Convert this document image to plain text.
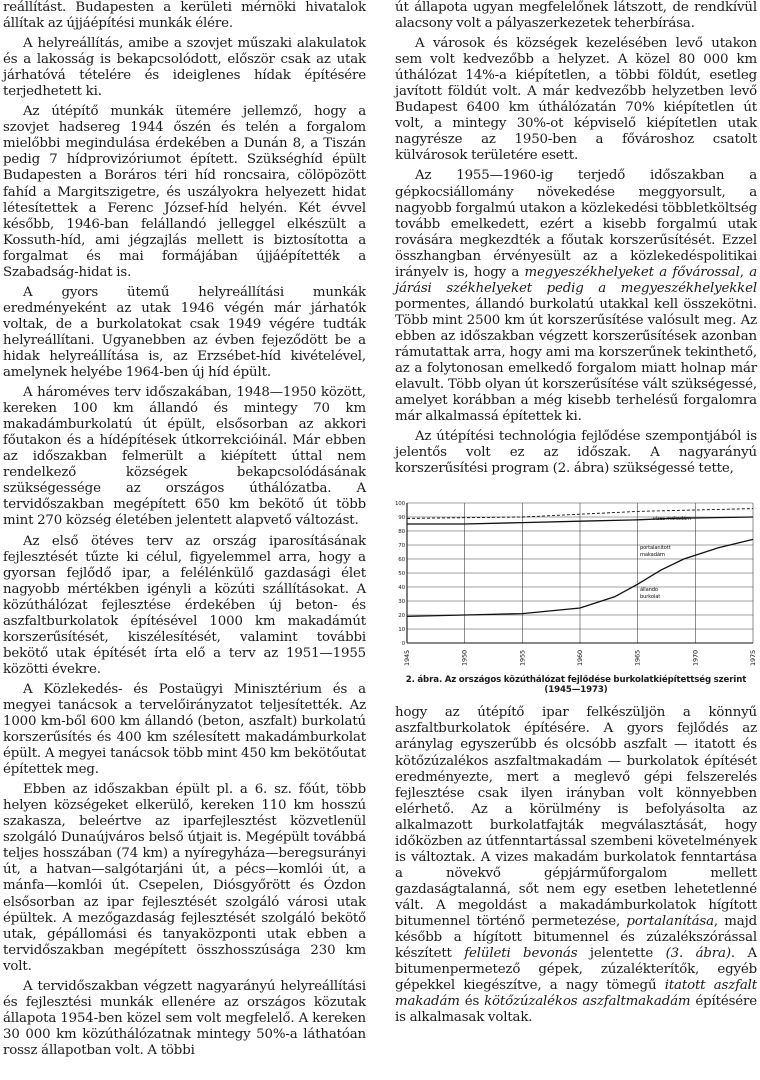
reállítást. Budapesten a kerületi mérnöki hivatalok állítak az újjáépítési munkák élére.

A helyreállítás, amibe a szovjet műszaki alakulatok és a lakosság is bekapcsolódott, először csak az utak járhatóvá tételére és ideiglenes hídak építésére terjedhetett ki.

Az útépítő munkák ütemére jellemző, hogy a szovjet hadsereg 1944 őszén és telén a forgalom mielőbbi megindulása érdekében a Dunán 8, a Tiszán pedig 7 hídprovizóriumot épített. Szükséghíd épült Budapesten a Boráros téri híd roncsaira, cölöpözött fahíd a Margitszigetre, és uszályokra helyezett hidat létesítettek a Ferenc József-híd helyén. Két évvel később, 1946-ban felállandó jelleggel elkészült a Kossuth-híd, ami jégzajlás mellett is biztosította a forgalmat és mai formájában újjáépítették a Szabadság-hidat is.

A gyors ütemű helyreállítási munkák eredményeként az utak 1946 végén már járhatók voltak, de a burkolatokat csak 1949 végére tudták helyreállítani. Ugyanebben az évben fejeződött be a hidak helyreállítása is, az Erzsébet-híd kivételével, amelynek helyébe 1964-ben új híd épült.

A hároméves terv időszakában, 1948—1950 között, kereken 100 km állandó és mintegy 70 km makadámburkolatú út épült, elsősorban az akkori főutakon és a hídépítések útkorrekcióinál. Már ebben az időszakban felmerült a kiépített úttal nem rendelkező községek bekapcsolódásának szükségessége az országos úthálózatba. A tervidőszakban megépített 650 km bekötő út több mint 270 község életében jelentett alapvető változást.

Az első ötéves terv az ország iparosításának fejlesztését tűzte ki célul, figyelemmel arra, hogy a gyorsan fejlődő ipar, a felélénkülő gazdasági élet nagyobb mértékben igényli a közúti szállításokat. A közúthálózat fejlesztése érdekében új beton- és aszfaltburkolatok építésével 1000 km makadámút korszerűsítését, kiszélesítését, valamint további bekötő utak építését írta elő a terv az 1951—1955 közötti évekre.

A Közlekedés- és Postaügyi Minisztérium és a megyei tanácsok a tervelőirányzatot teljesítették. Az 1000 km-ből 600 km állandó (beton, aszfalt) burkolatú korszerűsítés és 400 km szélesített makadámburkolat épült. A megyei tanácsok több mint 450 km bekötőutat építettek meg.

Ebben az időszakban épült pl. a 6. sz. főút, több helyen községeket elkerülő, kereken 110 km hosszú szakasza, beleértve az iparfejlesztést közvetlenül szolgáló Dunaújváros belső útjait is. Megépült továbbá teljes hosszában (74 km) a nyíregyháza—beregsurányi út, a hatvan—salgótarjáni út, a pécs—komlói út, a mánfa—komlói út. Csepelen, Diósgyőrött és Ózdon elsősorban az ipar fejlesztését szolgáló városi utak épültek. A mezőgazdaság fejlesztését szolgáló bekötő utak, gépállomási és tanyaközponti utak ebben a tervidőszakban megépített összhosszúsága 230 km volt.

A tervidőszakban végzett nagyarányú helyreállítási és fejlesztési munkák ellenére az országos közutak állapota 1954-ben közel sem volt megfelelő. A kereken 30 000 km közúthálózatnak mintegy 50%-a láthatóan rossz állapotban volt. A többi

út állapota ugyan megfelelőnek látszott, de rendkívül alacsony volt a pályaszerkezetek teherbírása.

A városok és községek kezelésében levő utakon sem volt kedvezőbb a helyzet. A közel 80 000 km úthálózat 14%-a kiépítetlen, a többi földút, esetleg javított földút volt. A már kedvezőbb helyzetben levő Budapest 6400 km úthálózatán 70% kiépítetlen út volt, a mintegy 30%-ot képviselő kiépítetlen utak nagyrésze az 1950-ben a fővároshoz csatolt külvárosok területére esett.

Az 1955—1960-ig terjedő időszakban a gépkocsiállomány növekedése meggyorsult, a nagyobb forgalmú utakon a közlekedési többletköltség tovább emelkedett, ezért a kisebb forgalmú utak rovására megkezdték a főutak korszerűsítését. Ezzel összhangban érvényesült az a közlekedéspolitikai irányelv is, hogy a megyeszékhelyeket a fővárossal, a járási székhelyeket pedig a megyeszékhelyekkel pormentes, állandó burkolatú utakkal kell összekötni. Több mint 2500 km út korszerűsítése valósult meg. Az ebben az időszakban végzett korszerűsítések azonban rámutattak arra, hogy ami ma korszerűnek tekinthető, az a folytonosan emelkedő forgalom miatt holnap már elavult. Több olyan út korszerűsítése vált szükségessé, amelyet korábban a még kisebb terhelésű forgalomra már alkalmassá építettek ki.

Az útépítési technológia fejlődése szempontjából is jelentős volt ez az időszak. A nagyarányú korszerűsítési program (2. ábra) szükségessé tette,

100
90
80
70
60
50
40
30
20
10
0
1945	1950	1955	1960	1965	1970	1975
vízes makadám
portalanított
makadám
állandó
burkolat
2. ábra. Az országos közúthálózat fejlődése burkolatkiépítettség szerint
(1945—1973)

hogy az útépítő ipar felkészüljön a könnyű aszfaltburkolatok építésére. A gyors fejlődés az aránylag egyszerűbb és olcsóbb aszfalt — itatott és kötőzúzalékos aszfaltmakadám — burkolatok építését eredményezte, mert a meglevő gépi felszerelés fejlesztése csak ilyen irányban volt könnyebben elérhető. Az a körülmény is befolyásolta az alkalmazott burkolatfajták megválasztását, hogy időközben az útfenntartással szembeni követelmények is változtak. A vizes makadám burkolatok fenntartása a növekvő gépjárműforgalom mellett gazdaságtalanná, sőt nem egy esetben lehetetlenné vált. A megoldást a makadámburkolatok hígított bitumennel történő permetezése, portalanítása, majd később a hígított bitumennel és zúzalékszórással készített felületi bevonás jelentette (3. ábra). A bitumenpermetező gépek, zúzalékterítők, egyéb gépekkel kiegészítve, a nagy tömegű itatott aszfalt makadám és kötőzúzalékos aszfaltmakadám építésére is alkalmasak voltak.
